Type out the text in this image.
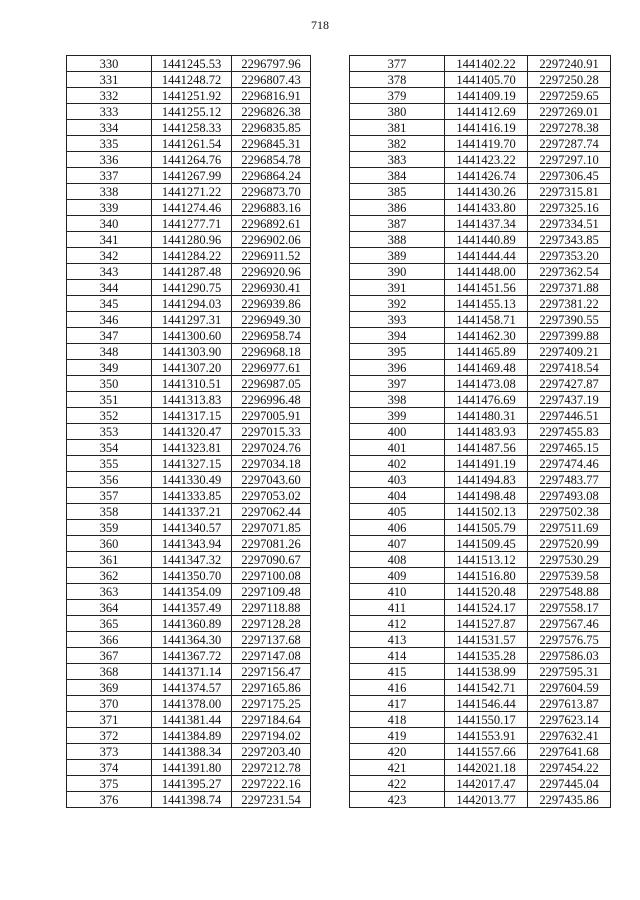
718
330	1441245.53	2296797.96
331	1441248.72	2296807.43
332	1441251.92	2296816.91
333	1441255.12	2296826.38
334	1441258.33	2296835.85
335	1441261.54	2296845.31
336	1441264.76	2296854.78
337	1441267.99	2296864.24
338	1441271.22	2296873.70
339	1441274.46	2296883.16
340	1441277.71	2296892.61
341	1441280.96	2296902.06
342	1441284.22	2296911.52
343	1441287.48	2296920.96
344	1441290.75	2296930.41
345	1441294.03	2296939.86
346	1441297.31	2296949.30
347	1441300.60	2296958.74
348	1441303.90	2296968.18
349	1441307.20	2296977.61
350	1441310.51	2296987.05
351	1441313.83	2296996.48
352	1441317.15	2297005.91
353	1441320.47	2297015.33
354	1441323.81	2297024.76
355	1441327.15	2297034.18
356	1441330.49	2297043.60
357	1441333.85	2297053.02
358	1441337.21	2297062.44
359	1441340.57	2297071.85
360	1441343.94	2297081.26
361	1441347.32	2297090.67
362	1441350.70	2297100.08
363	1441354.09	2297109.48
364	1441357.49	2297118.88
365	1441360.89	2297128.28
366	1441364.30	2297137.68
367	1441367.72	2297147.08
368	1441371.14	2297156.47
369	1441374.57	2297165.86
370	1441378.00	2297175.25
371	1441381.44	2297184.64
372	1441384.89	2297194.02
373	1441388.34	2297203.40
374	1441391.80	2297212.78
375	1441395.27	2297222.16
376	1441398.74	2297231.54
377	1441402.22	2297240.91
378	1441405.70	2297250.28
379	1441409.19	2297259.65
380	1441412.69	2297269.01
381	1441416.19	2297278.38
382	1441419.70	2297287.74
383	1441423.22	2297297.10
384	1441426.74	2297306.45
385	1441430.26	2297315.81
386	1441433.80	2297325.16
387	1441437.34	2297334.51
388	1441440.89	2297343.85
389	1441444.44	2297353.20
390	1441448.00	2297362.54
391	1441451.56	2297371.88
392	1441455.13	2297381.22
393	1441458.71	2297390.55
394	1441462.30	2297399.88
395	1441465.89	2297409.21
396	1441469.48	2297418.54
397	1441473.08	2297427.87
398	1441476.69	2297437.19
399	1441480.31	2297446.51
400	1441483.93	2297455.83
401	1441487.56	2297465.15
402	1441491.19	2297474.46
403	1441494.83	2297483.77
404	1441498.48	2297493.08
405	1441502.13	2297502.38
406	1441505.79	2297511.69
407	1441509.45	2297520.99
408	1441513.12	2297530.29
409	1441516.80	2297539.58
410	1441520.48	2297548.88
411	1441524.17	2297558.17
412	1441527.87	2297567.46
413	1441531.57	2297576.75
414	1441535.28	2297586.03
415	1441538.99	2297595.31
416	1441542.71	2297604.59
417	1441546.44	2297613.87
418	1441550.17	2297623.14
419	1441553.91	2297632.41
420	1441557.66	2297641.68
421	1442021.18	2297454.22
422	1442017.47	2297445.04
423	1442013.77	2297435.86
